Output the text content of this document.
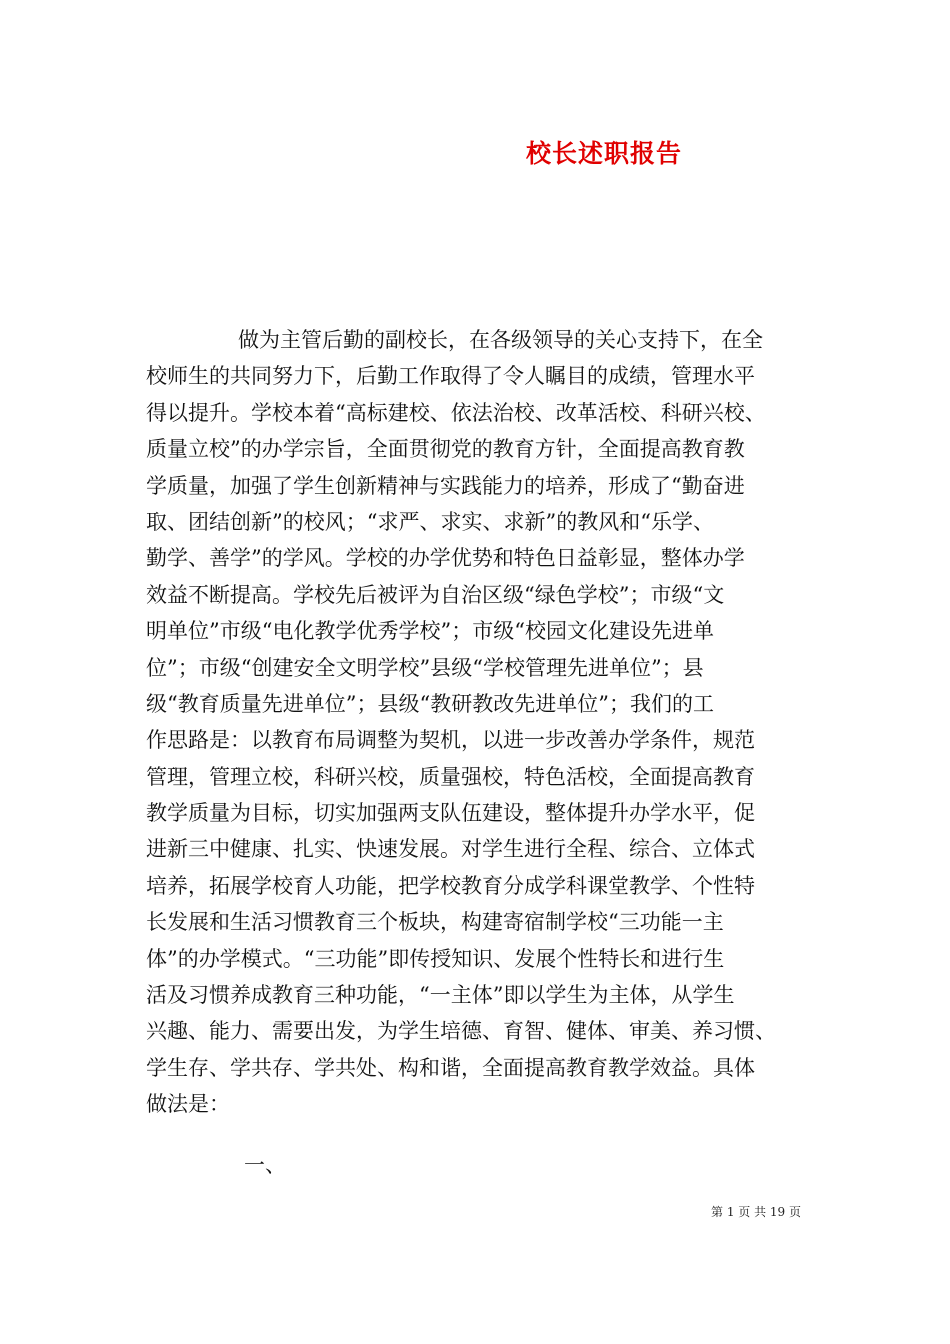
校长述职报告
做为主管后勤的副校长，在各级领导的关心支持下，在全
校师生的共同努力下，后勤工作取得了令人瞩目的成绩，管理水平
得以提升。学校本着“高标建校、依法治校、改革活校、科研兴校、
质量立校”的办学宗旨，全面贯彻党的教育方针，全面提高教育教
学质量，加强了学生创新精神与实践能力的培养，形成了“勤奋进
取、团结创新”的校风；“求严、求实、求新”的教风和“乐学、
勤学、善学”的学风。学校的办学优势和特色日益彰显，整体办学
效益不断提高。学校先后被评为自治区级“绿色学校”；市级“文
明单位”市级“电化教学优秀学校”；市级“校园文化建设先进单
位”；市级“创建安全文明学校”县级“学校管理先进单位”；县
级“教育质量先进单位”；县级“教研教改先进单位”；我们的工
作思路是：以教育布局调整为契机，以进一步改善办学条件，规范
管理，管理立校，科研兴校，质量强校，特色活校，全面提高教育
教学质量为目标，切实加强两支队伍建设，整体提升办学水平，促
进新三中健康、扎实、快速发展。对学生进行全程、综合、立体式
培养，拓展学校育人功能，把学校教育分成学科课堂教学、个性特
长发展和生活习惯教育三个板块，构建寄宿制学校“三功能一主
体”的办学模式。“三功能”即传授知识、发展个性特长和进行生
活及习惯养成教育三种功能，“一主体”即以学生为主体，从学生
兴趣、能力、需要出发，为学生培德、育智、健体、审美、养习惯、
学生存、学共存、学共处、构和谐，全面提高教育教学效益。具体
做法是：

一、

第 1 页 共 19 页
